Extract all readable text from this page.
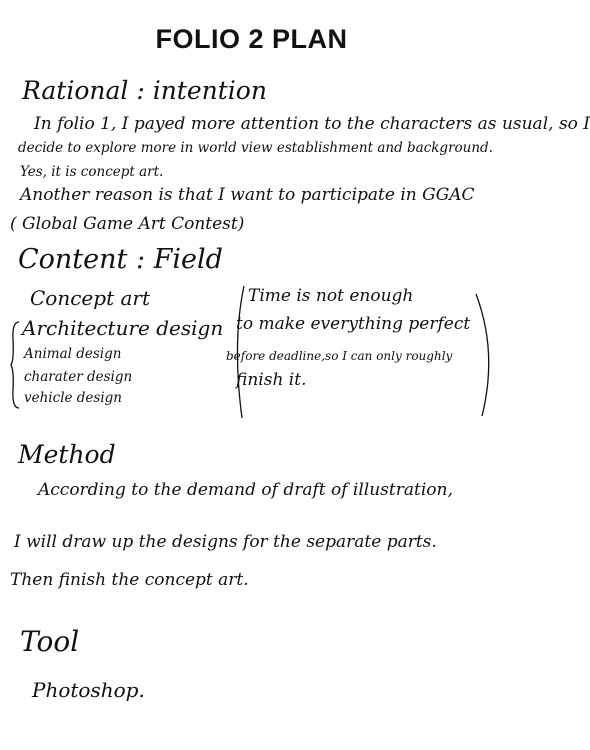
FOLIO 2 PLAN
Rational : intention
In folio 1, I payed more attention to the characters as usual, so I
decide to explore more in world view establishment and background.
Yes, it is concept art.
Another reason is that I want to participate in GGAC
( Global Game Art Contest)
Content : Field
Concept art
Architecture design
Animal design
charater design
vehicle design
Time is not enough
to make everything perfect
before deadline,so I can only roughly
finish it.
Method
According to the demand of draft of illustration,
I will draw up the designs for the separate parts.
Then finish the concept art.
Tool
Photoshop.
